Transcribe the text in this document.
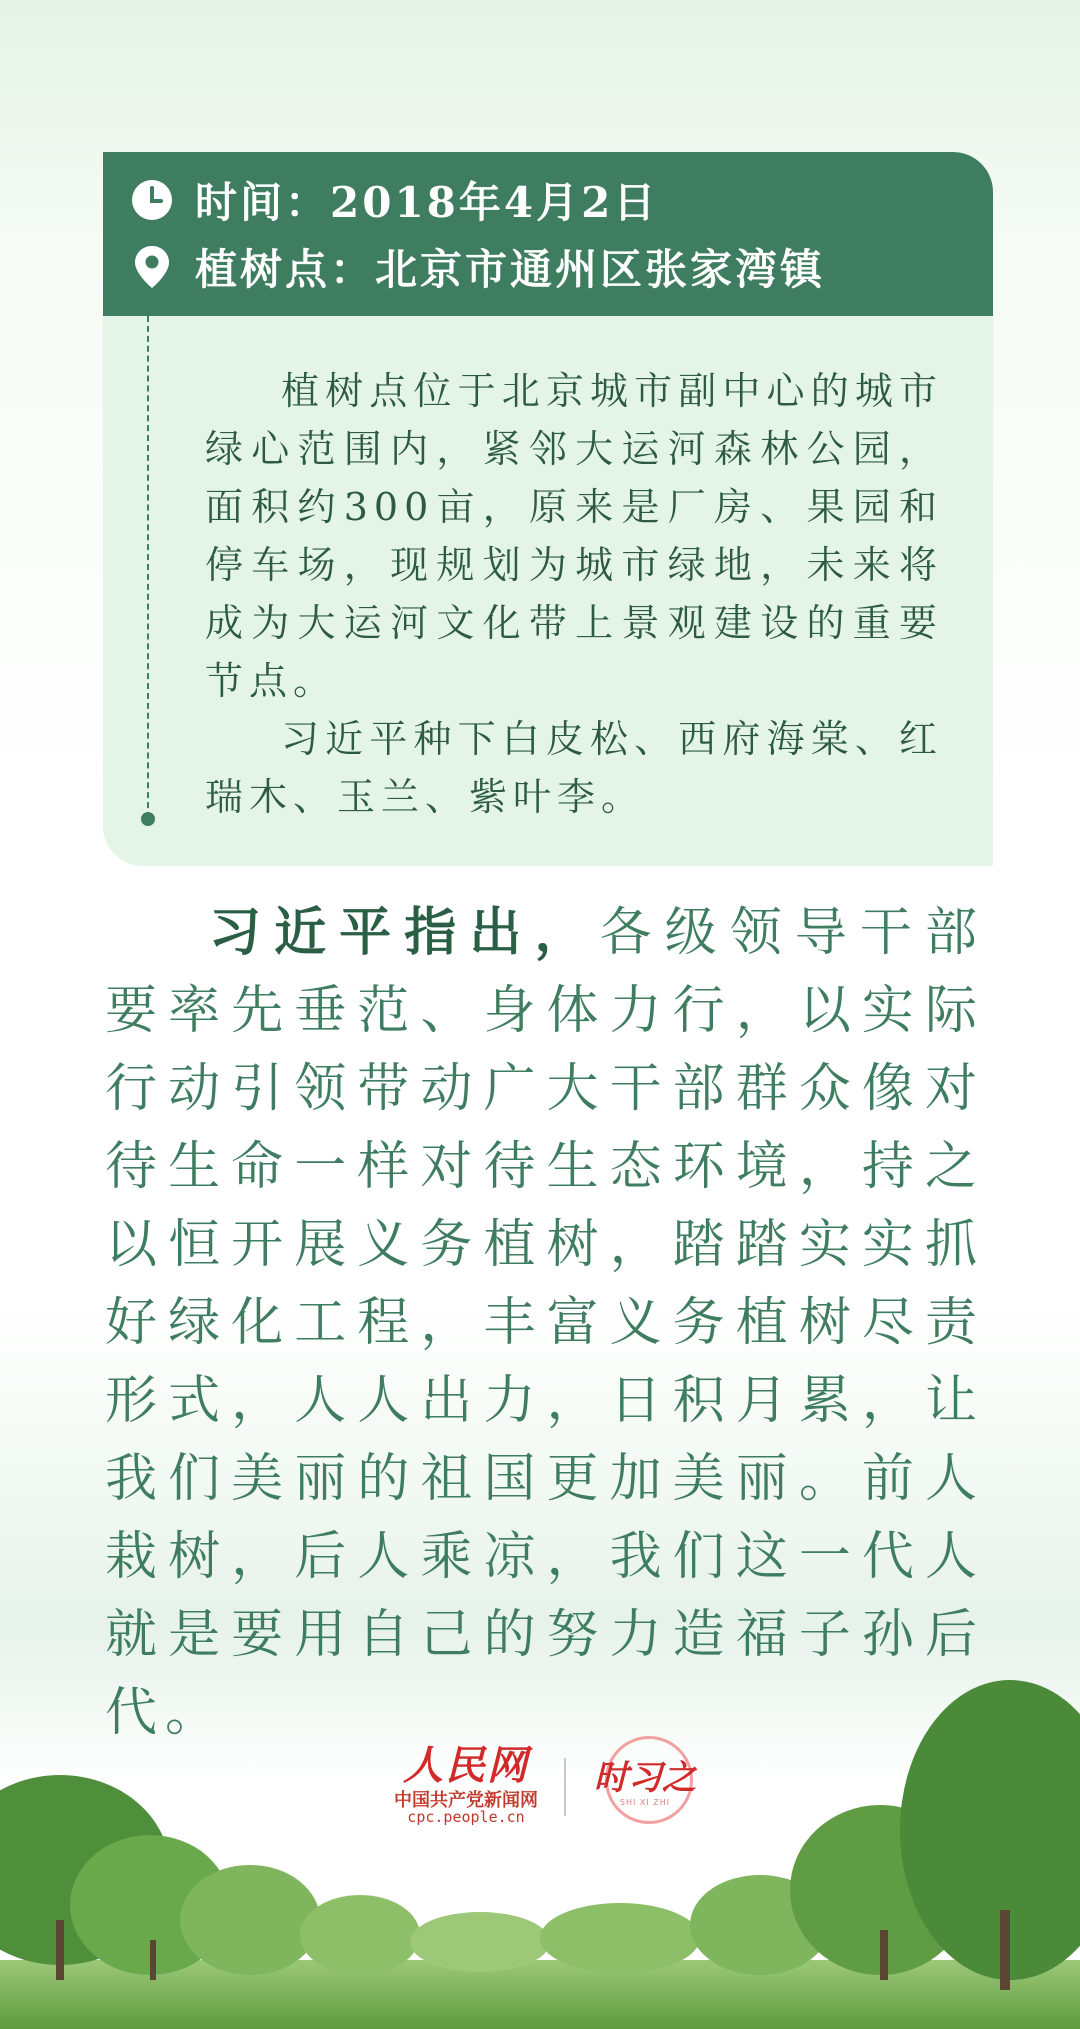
时间：2018年4月2日
植树点：北京市通州区张家湾镇

植树点位于北京城市副中心的城市绿心范围内，紧邻大运河森林公园，面积约300亩，原来是厂房、果园和停车场，现规划为城市绿地，未来将成为大运河文化带上景观建设的重要节点。

习近平种下白皮松、西府海棠、红瑞木、玉兰、紫叶李。

习近平指出，各级领导干部要率先垂范、身体力行，以实际行动引领带动广大干部群众像对待生命一样对待生态环境，持之以恒开展义务植树，踏踏实实抓好绿化工程，丰富义务植树尽责形式，人人出力，日积月累，让我们美丽的祖国更加美丽。前人栽树，后人乘凉，我们这一代人就是要用自己的努力造福子孙后代。

人民网
中国共产党新闻网
cpc.people.cn
时习之
SHI XI ZHI
